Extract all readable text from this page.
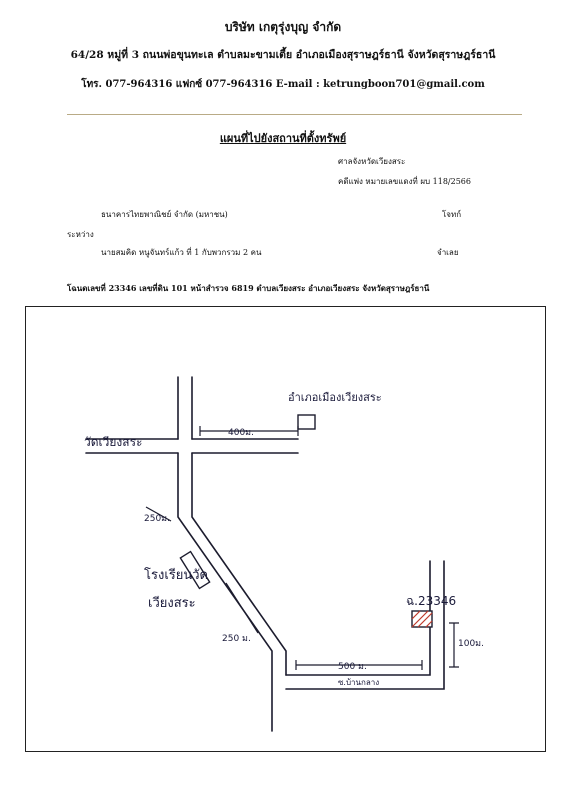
บริษัท เกตุรุ่งบุญ จำกัด
64/28 หมู่ที่ 3 ถนนพ่อขุนทะเล ตำบลมะขามเตี้ย อำเภอเมืองสุราษฎร์ธานี จังหวัดสุราษฎร์ธานี
โทร. 077-964316 แฟกซ์ 077-964316 E-mail : ketrungboon701@gmail.com
แผนที่ไปยังสถานที่ตั้งทรัพย์
ศาลจังหวัดเวียงสระ
คดีแพ่ง หมายเลขแดงที่ ผบ 118/2566
ธนาคารไทยพาณิชย์ จำกัด (มหาชน)	โจทก์
ระหว่าง
นายสมคิด หนูจันทร์แก้ว ที่ 1 กับพวกรวม 2 คน	จำเลย
โฉนดเลขที่ 23346 เลขที่ดิน 101 หน้าสำรวจ 6819 ตำบลเวียงสระ อำเภอเวียงสระ จังหวัดสุราษฎร์ธานี
อำเภอเมืองเวียงสระ
400ม.
วัดเวียงสระ
250ม.
โรงเรียนวัด
เวียงสระ
250 ม.
500 ม.
ซ.บ้านกลาง
ฉ.23346
100ม.
